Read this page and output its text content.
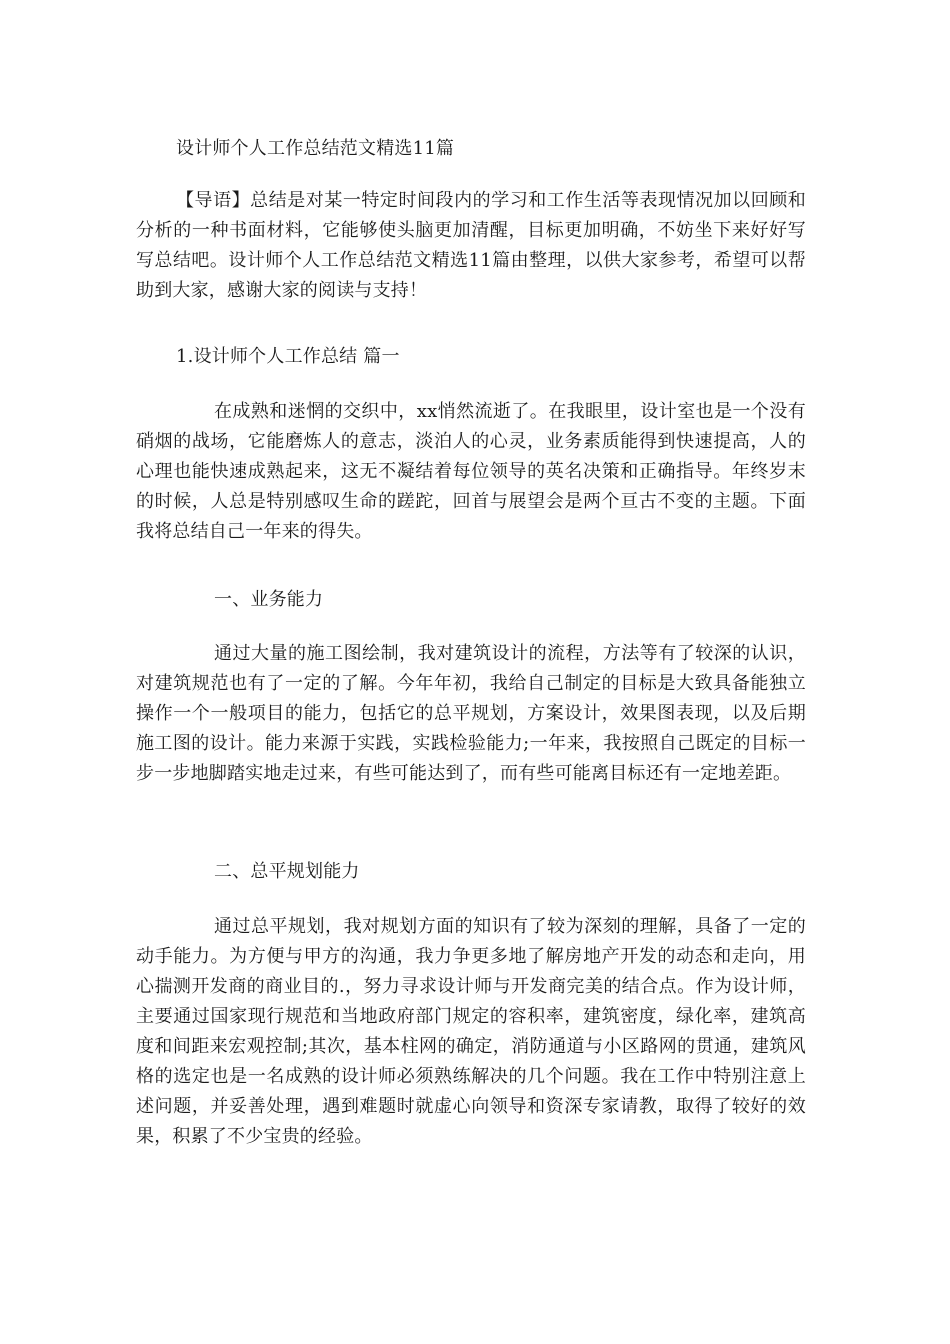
设计师个人工作总结范文精选11篇

【导语】总结是对某一特定时间段内的学习和工作生活等表现情况加以回顾和分析的一种书面材料，它能够使头脑更加清醒，目标更加明确，不妨坐下来好好写写总结吧。设计师个人工作总结范文精选11篇由整理，以供大家参考，希望可以帮助到大家，感谢大家的阅读与支持！

1.设计师个人工作总结 篇一

在成熟和迷惘的交织中，xx悄然流逝了。在我眼里，设计室也是一个没有硝烟的战场，它能磨炼人的意志，淡泊人的心灵，业务素质能得到快速提高，人的心理也能快速成熟起来，这无不凝结着每位领导的英名决策和正确指导。年终岁末的时候，人总是特别感叹生命的蹉跎，回首与展望会是两个亘古不变的主题。下面我将总结自己一年来的得失。

一、业务能力

通过大量的施工图绘制，我对建筑设计的流程，方法等有了较深的认识，对建筑规范也有了一定的了解。今年年初，我给自己制定的目标是大致具备能独立操作一个一般项目的能力，包括它的总平规划，方案设计，效果图表现，以及后期施工图的设计。能力来源于实践，实践检验能力;一年来，我按照自己既定的目标一步一步地脚踏实地走过来，有些可能达到了，而有些可能离目标还有一定地差距。

二、总平规划能力

通过总平规划，我对规划方面的知识有了较为深刻的理解，具备了一定的动手能力。为方便与甲方的沟通，我力争更多地了解房地产开发的动态和走向，用心揣测开发商的商业目的.，努力寻求设计师与开发商完美的结合点。作为设计师，主要通过国家现行规范和当地政府部门规定的容积率，建筑密度，绿化率，建筑高度和间距来宏观控制;其次，基本柱网的确定，消防通道与小区路网的贯通，建筑风格的选定也是一名成熟的设计师必须熟练解决的几个问题。我在工作中特别注意上述问题，并妥善处理，遇到难题时就虚心向领导和资深专家请教，取得了较好的效果，积累了不少宝贵的经验。
